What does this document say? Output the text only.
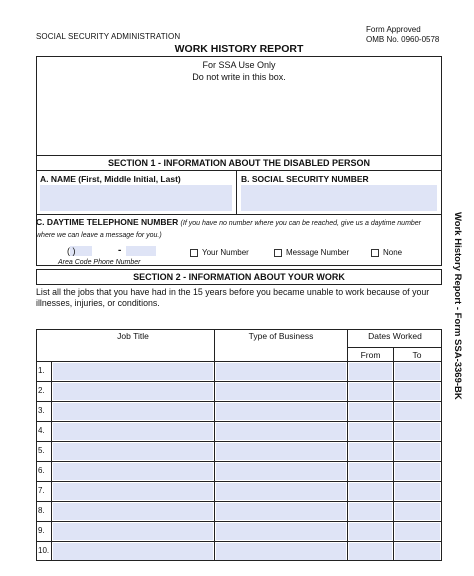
SOCIAL SECURITY ADMINISTRATION
Form Approved
OMB No. 0960-0578
WORK HISTORY REPORT
For SSA Use Only
Do not write in this box.
SECTION 1 - INFORMATION ABOUT THE DISABLED PERSON
A. NAME (First, Middle Initial, Last)	B. SOCIAL SECURITY NUMBER
C. DAYTIME TELEPHONE NUMBER (If you have no number where you can be reached, give us a daytime number where we can leave a message for you.)
( )	-
Area Code Phone Number
Your Number	Message Number	None
SECTION 2 - INFORMATION ABOUT YOUR WORK
List all the jobs that you have had in the 15 years before you became unable to work because of your illnesses, injuries, or conditions.
Job Title	Type of Business	Dates Worked
From	To
1.
2.
3.
4.
5.
6.
7.
8.
9.
10.
Work History Report - Form SSA-3369-BK
